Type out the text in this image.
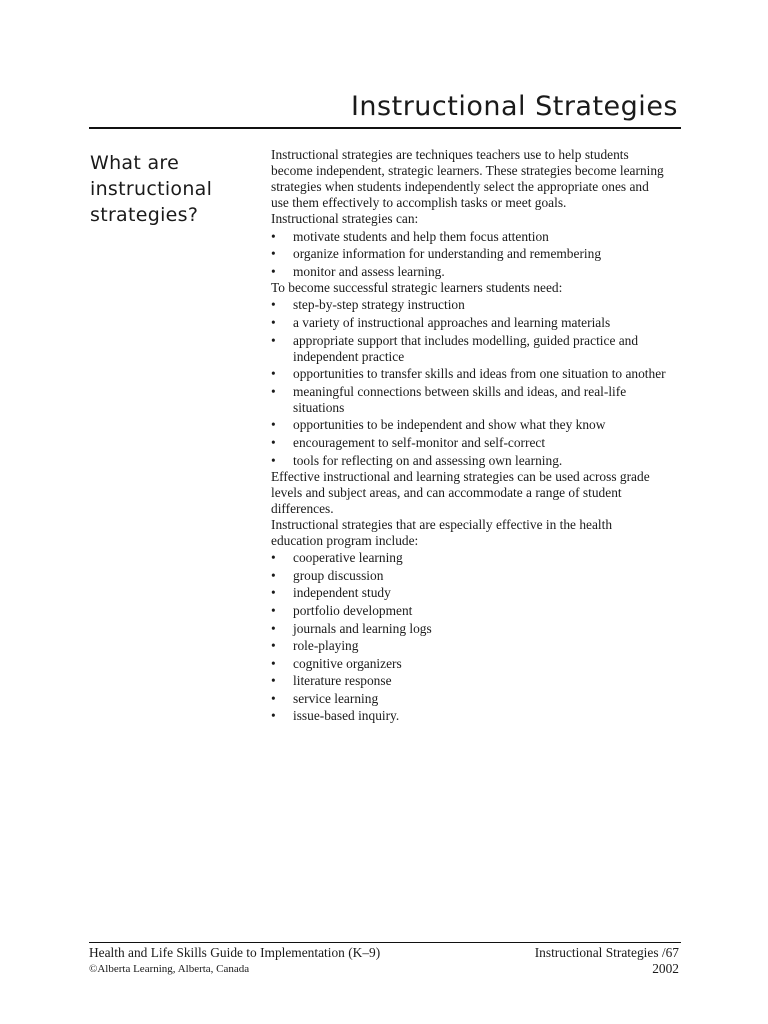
Instructional Strategies
What are instructional strategies?

Instructional strategies are techniques teachers use to help students become independent, strategic learners. These strategies become learning strategies when students independently select the appropriate ones and use them effectively to accomplish tasks or meet goals.

Instructional strategies can:

• motivate students and help them focus attention
• organize information for understanding and remembering
• monitor and assess learning.

To become successful strategic learners students need:

• step-by-step strategy instruction
• a variety of instructional approaches and learning materials
• appropriate support that includes modelling, guided practice and independent practice
• opportunities to transfer skills and ideas from one situation to another
• meaningful connections between skills and ideas, and real-life situations
• opportunities to be independent and show what they know
• encouragement to self-monitor and self-correct
• tools for reflecting on and assessing own learning.

Effective instructional and learning strategies can be used across grade levels and subject areas, and can accommodate a range of student differences.

Instructional strategies that are especially effective in the health education program include:

• cooperative learning
• group discussion
• independent study
• portfolio development
• journals and learning logs
• role-playing
• cognitive organizers
• literature response
• service learning
• issue-based inquiry.
Health and Life Skills Guide to Implementation (K–9)
©Alberta Learning, Alberta, Canada
Instructional Strategies /67
2002
